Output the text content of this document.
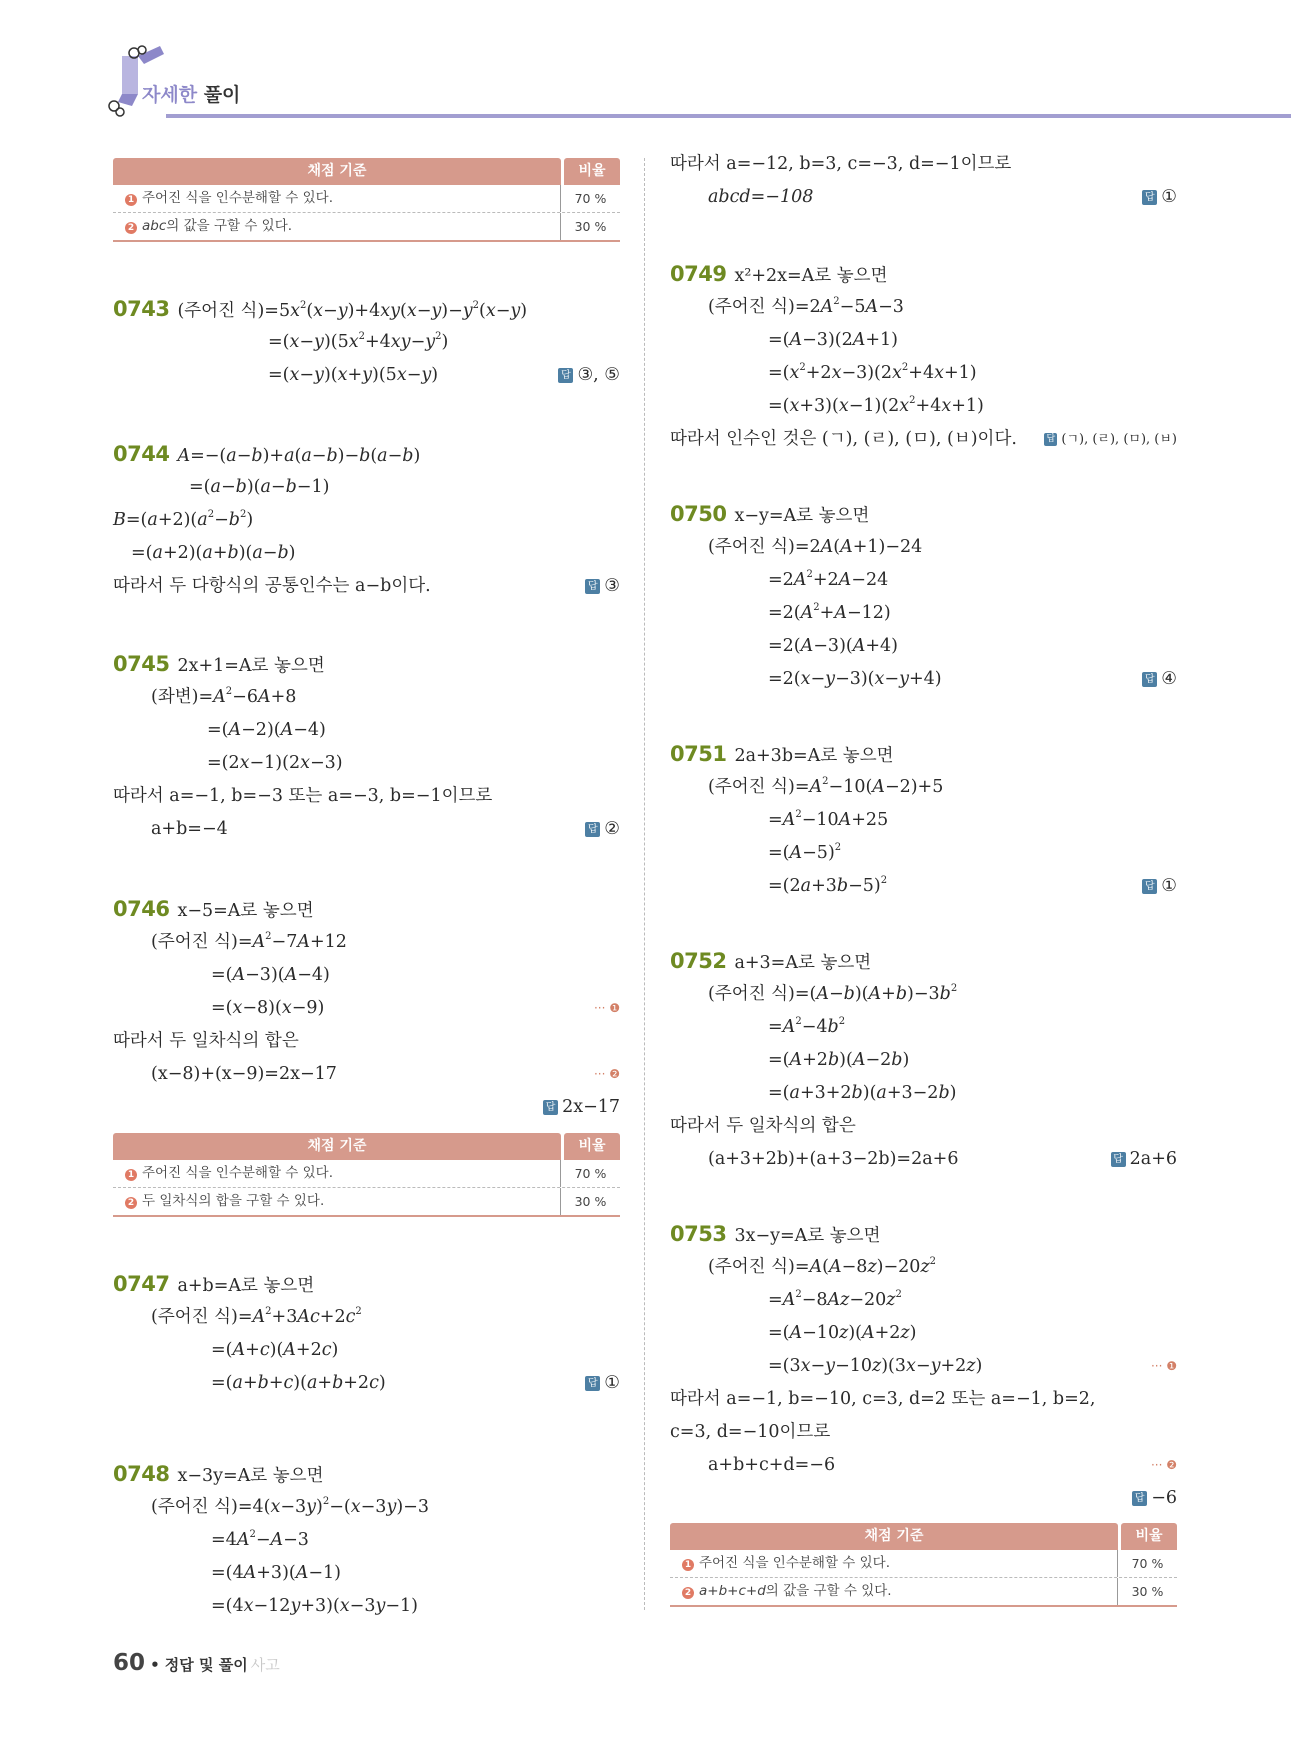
자세한 풀이
채점 기준	비율
1 주어진 식을 인수분해할 수 있다.	70 %
2 abc의 값을 구할 수 있다.	30 %
0743 (주어진 식)$=5x^2(x-y)+4xy(x-y)-y^2(x-y)$
$=(x-y)(5x^2+4xy-y^2)$
=(x−y)(x+y)(5x−y)	답 ③, ⑤
0744 A=−(a−b)+a(a−b)−b(a−b)
=(a−b)(a−b−1)
$B=(a+2)(a^2-b^2)$
=(a+2)(a+b)(a−b)
따라서 두 다항식의 공통인수는 a−b이다.	답 ③
0745 2x+1=A로 놓으면
(좌변)$=A^2-6A+8$
=(A−2)(A−4)
=(2x−1)(2x−3)
따라서 a=−1, b=−3 또는 a=−3, b=−1이므로
a+b=−4	답 ②
0746 x−5=A로 놓으면
(주어진 식)$=A^2-7A+12$
=(A−3)(A−4)
=(x−8)(x−9)	··· ❶
따라서 두 일차식의 합은
(x−8)+(x−9)=2x−17	··· ❷
답 2x−17
채점 기준	비율
1 주어진 식을 인수분해할 수 있다.	70 %
2 두 일차식의 합을 구할 수 있다.	30 %
0747 a+b=A로 놓으면
(주어진 식)$=A^2+3Ac+2c^2$
=(A+c)(A+2c)
=(a+b+c)(a+b+2c)	답 ①
0748 x−3y=A로 놓으면
(주어진 식)$=4(x-3y)^2-(x-3y)-3$
$=4A^2-A-3$
=(4A+3)(A−1)
=(4x−12y+3)(x−3y−1)
따라서 a=−12, b=3, c=−3, d=−1이므로
abcd=−108	답 ①
0749 x²+2x=A로 놓으면
(주어진 식)$=2A^2-5A-3$
=(A−3)(2A+1)
$=(x^2+2x-3)(2x^2+4x+1)$
$=(x+3)(x-1)(2x^2+4x+1)$
따라서 인수인 것은 (ㄱ), (ㄹ), (ㅁ), (ㅂ)이다.	답 (ㄱ), (ㄹ), (ㅁ), (ㅂ)
0750 x−y=A로 놓으면
(주어진 식)=2A(A+1)−24
$=2A^2+2A-24$
$=2(A^2+A-12)$
=2(A−3)(A+4)
=2(x−y−3)(x−y+4)	답 ④
0751 2a+3b=A로 놓으면
(주어진 식)$=A^2-10(A-2)+5$
$=A^2-10A+25$
$=(A-5)^2$
$=(2a+3b-5)^2$
답 ①
0752 a+3=A로 놓으면
(주어진 식)$=(A-b)(A+b)-3b^2$
$=A^2-4b^2$
=(A+2b)(A−2b)
=(a+3+2b)(a+3−2b)
따라서 두 일차식의 합은
(a+3+2b)+(a+3−2b)=2a+6	답 2a+6
0753 3x−y=A로 놓으면
(주어진 식)$=A(A-8z)-20z^2$
$=A^2-8Az-20z^2$
=(A−10z)(A+2z)
=(3x−y−10z)(3x−y+2z)	··· ❶
따라서 a=−1, b=−10, c=3, d=2 또는 a=−1, b=2,
c=3, d=−10이므로
a+b+c+d=−6	··· ❷
답 −6
채점 기준	비율
1 주어진 식을 인수분해할 수 있다.	70 %
2 a+b+c+d의 값을 구할 수 있다.	30 %
60 • 정답 및 풀이 사고
